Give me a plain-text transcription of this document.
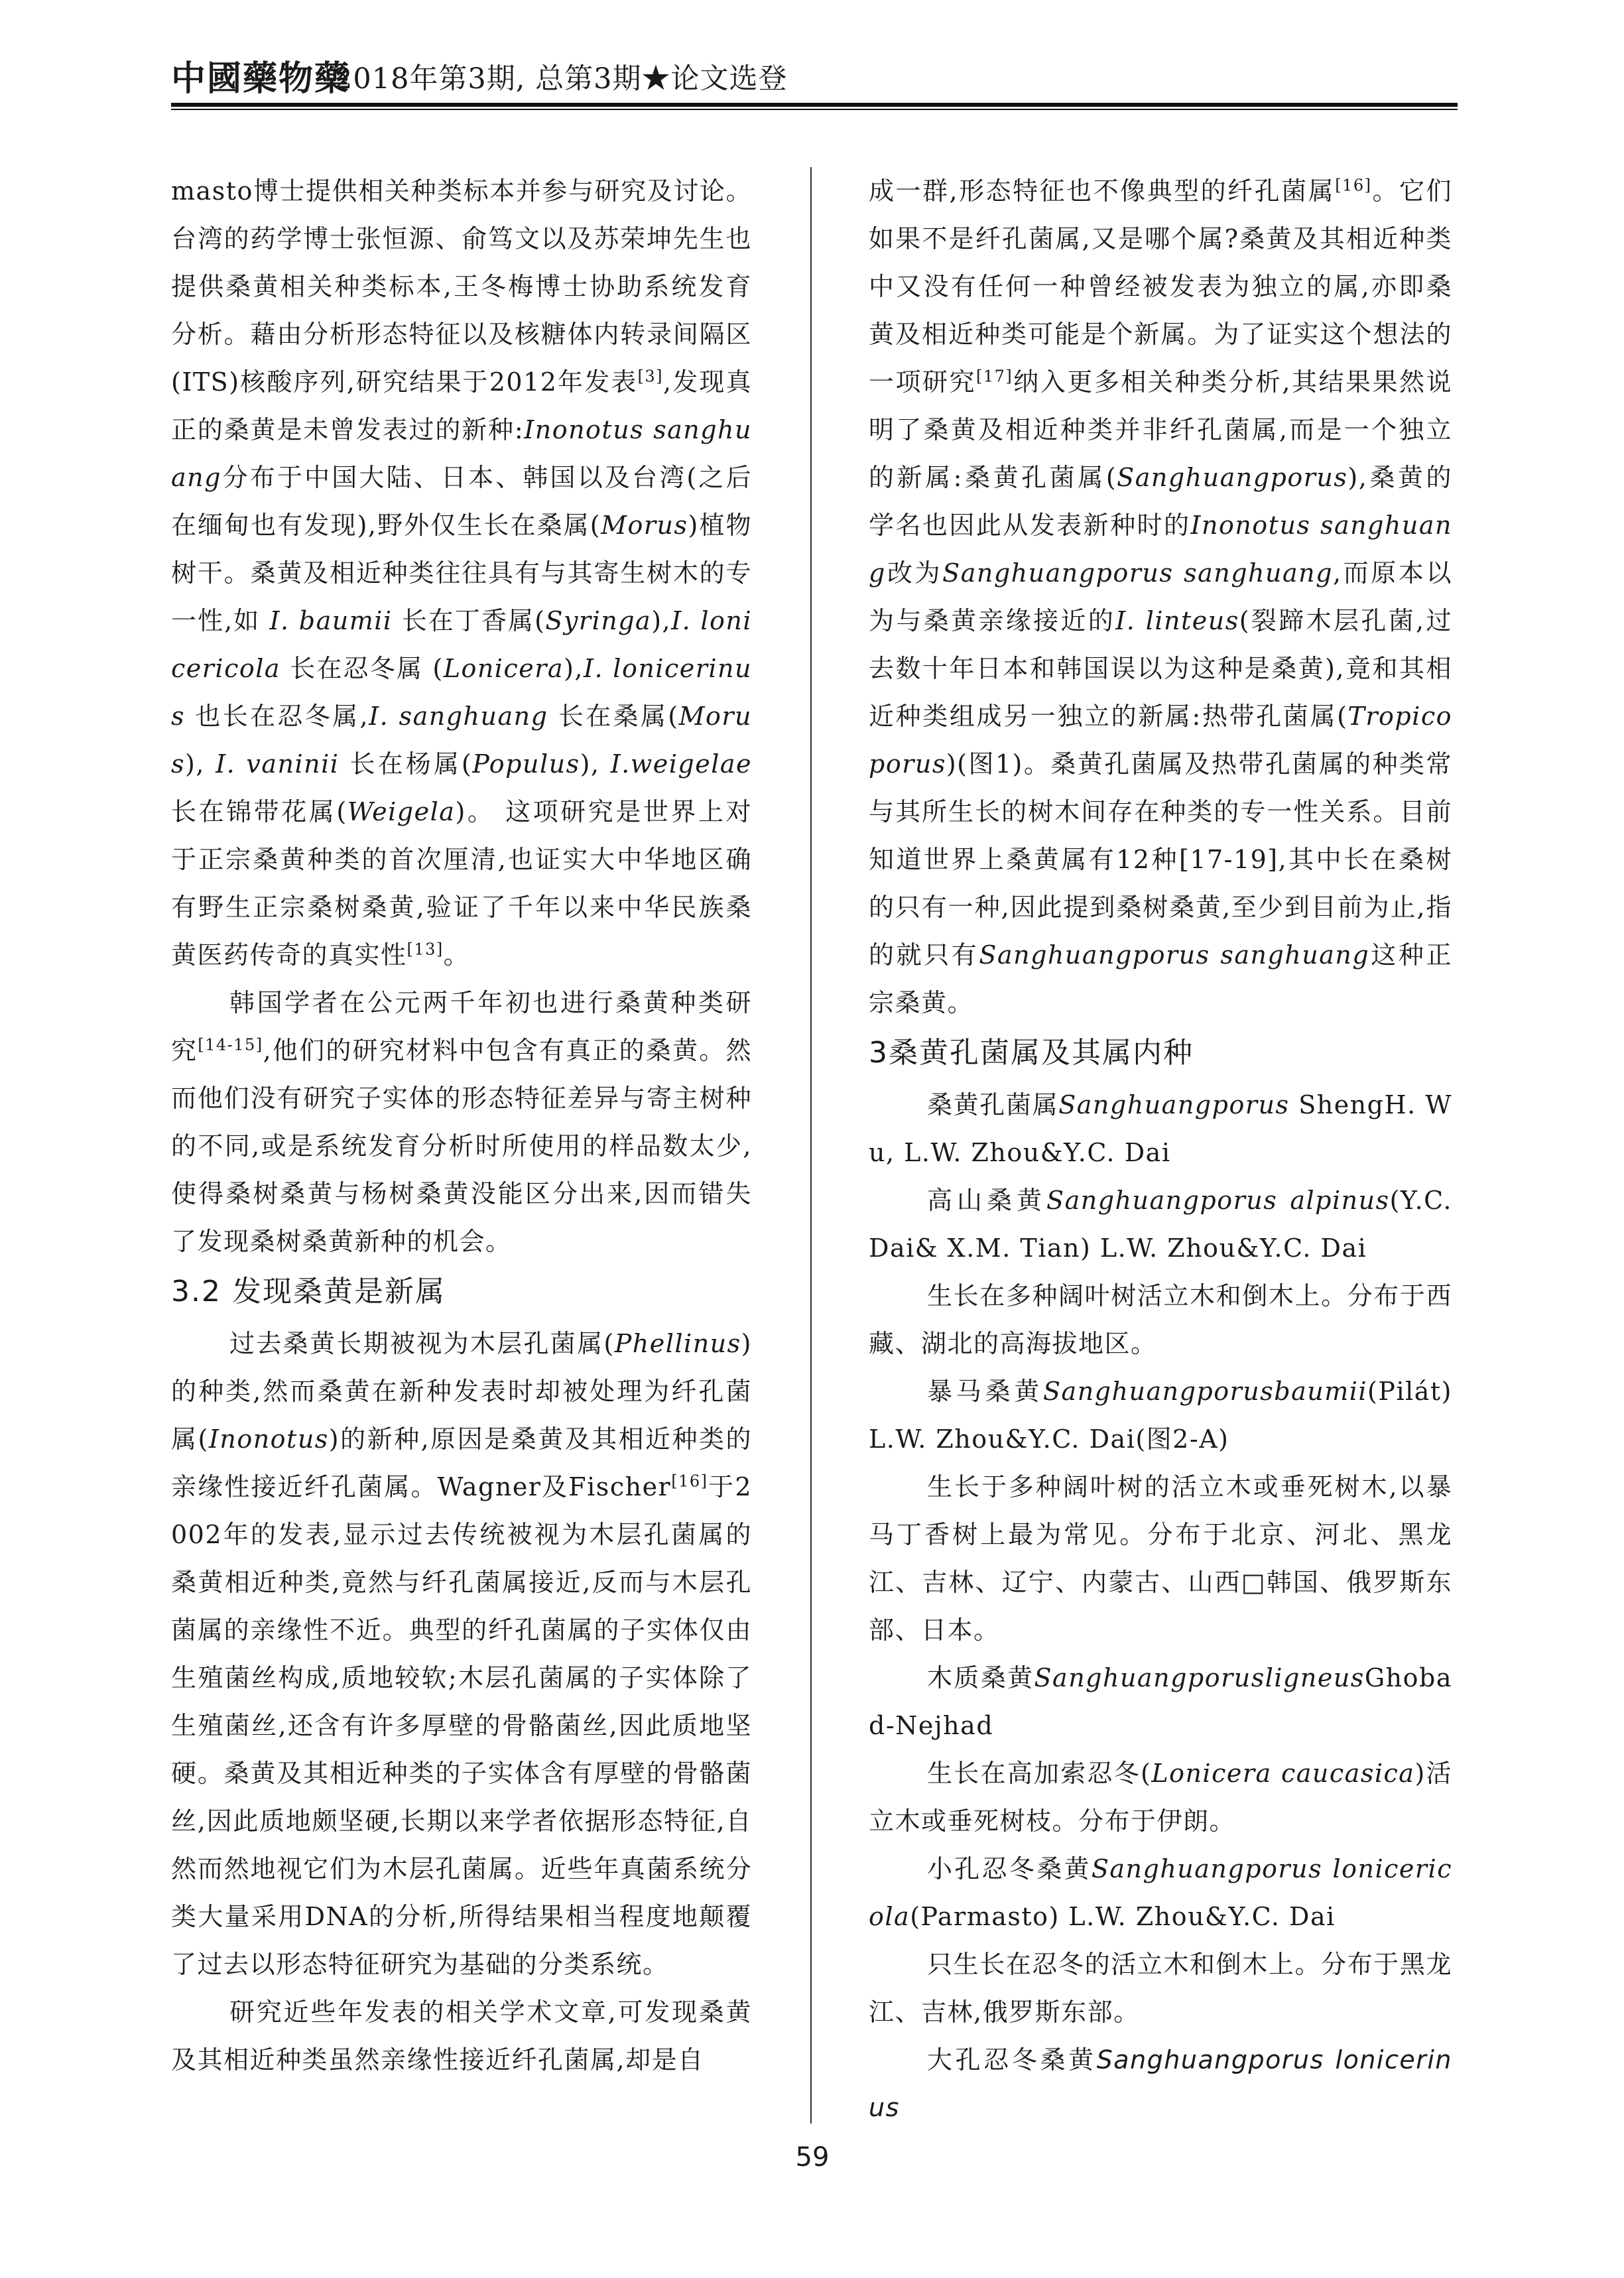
中國藥物藥
2018年第3期, 总第3期★论文选登

masto博士提供相关种类标本并参与研究及讨论。台湾的药学博士张恒源、俞笃文以及苏荣坤先生也提供桑黄相关种类标本,王冬梅博士协助系统发育分析。藉由分析形态特征以及核糖体内转录间隔区(ITS)核酸序列,研究结果于2012年发表[3],发现真正的桑黄是未曾发表过的新种:Inonotus sanghuang分布于中国大陆、日本、韩国以及台湾(之后在缅甸也有发现),野外仅生长在桑属(Morus)植物树干。桑黄及相近种类往往具有与其寄生树木的专一性,如 I. baumii 长在丁香属(Syringa),I. lonicericola 长在忍冬属 (Lonicera),I. lonicerinus 也长在忍冬属,I. sanghuang 长在桑属(Morus), I. vaninii 长在杨属(Populus), I.weigelae长在锦带花属(Weigela)。 这项研究是世界上对于正宗桑黄种类的首次厘清,也证实大中华地区确有野生正宗桑树桑黄,验证了千年以来中华民族桑黄医药传奇的真实性[13]。

韩国学者在公元两千年初也进行桑黄种类研究[14-15],他们的研究材料中包含有真正的桑黄。然而他们没有研究子实体的形态特征差异与寄主树种的不同,或是系统发育分析时所使用的样品数太少,使得桑树桑黄与杨树桑黄没能区分出来,因而错失了发现桑树桑黄新种的机会。

3.2 发现桑黄是新属

过去桑黄长期被视为木层孔菌属(Phellinus)的种类,然而桑黄在新种发表时却被处理为纤孔菌属(Inonotus)的新种,原因是桑黄及其相近种类的亲缘性接近纤孔菌属。Wagner及Fischer[16]于2002年的发表,显示过去传统被视为木层孔菌属的桑黄相近种类,竟然与纤孔菌属接近,反而与木层孔菌属的亲缘性不近。典型的纤孔菌属的子实体仅由生殖菌丝构成,质地较软;木层孔菌属的子实体除了生殖菌丝,还含有许多厚壁的骨骼菌丝,因此质地坚硬。桑黄及其相近种类的子实体含有厚壁的骨骼菌丝,因此质地颇坚硬,长期以来学者依据形态特征,自然而然地视它们为木层孔菌属。近些年真菌系统分类大量采用DNA的分析,所得结果相当程度地颠覆了过去以形态特征研究为基础的分类系统。

研究近些年发表的相关学术文章,可发现桑黄及其相近种类虽然亲缘性接近纤孔菌属,却是自

成一群,形态特征也不像典型的纤孔菌属[16]。它们如果不是纤孔菌属,又是哪个属?桑黄及其相近种类中又没有任何一种曾经被发表为独立的属,亦即桑黄及相近种类可能是个新属。为了证实这个想法的一项研究[17]纳入更多相关种类分析,其结果果然说明了桑黄及相近种类并非纤孔菌属,而是一个独立的新属:桑黄孔菌属(Sanghuangporus),桑黄的学名也因此从发表新种时的Inonotus sanghuang改为Sanghuangporus sanghuang,而原本以为与桑黄亲缘接近的I. linteus(裂蹄木层孔菌,过去数十年日本和韩国误以为这种是桑黄),竟和其相近种类组成另一独立的新属:热带孔菌属(Tropicoporus)(图1)。桑黄孔菌属及热带孔菌属的种类常与其所生长的树木间存在种类的专一性关系。目前知道世界上桑黄属有12种[17-19],其中长在桑树的只有一种,因此提到桑树桑黄,至少到目前为止,指的就只有Sanghuangporus sanghuang这种正宗桑黄。

3桑黄孔菌属及其属内种

桑黄孔菌属Sanghuangporus ShengH. Wu, L.W. Zhou&Y.C. Dai

高山桑黄Sanghuangporus alpinus(Y.C.Dai& X.M. Tian) L.W. Zhou&Y.C. Dai

生长在多种阔叶树活立木和倒木上。分布于西藏、湖北的高海拔地区。

暴马桑黄Sanghuangporusbaumii(Pilát) L.W. Zhou&Y.C. Dai(图2-A)

生长于多种阔叶树的活立木或垂死树木,以暴马丁香树上最为常见。分布于北京、河北、黑龙江、吉林、辽宁、内蒙古、山西□韩国、俄罗斯东部、日本。

木质桑黄SanghuangporusligneusGhobad-Nejhad

生长在高加索忍冬(Lonicera caucasica)活立木或垂死树枝。分布于伊朗。

小孔忍冬桑黄Sanghuangporus lonicericola(Parmasto) L.W. Zhou&Y.C. Dai

只生长在忍冬的活立木和倒木上。分布于黑龙江、吉林,俄罗斯东部。

大孔忍冬桑黄Sanghuangporus lonicerinus

59
